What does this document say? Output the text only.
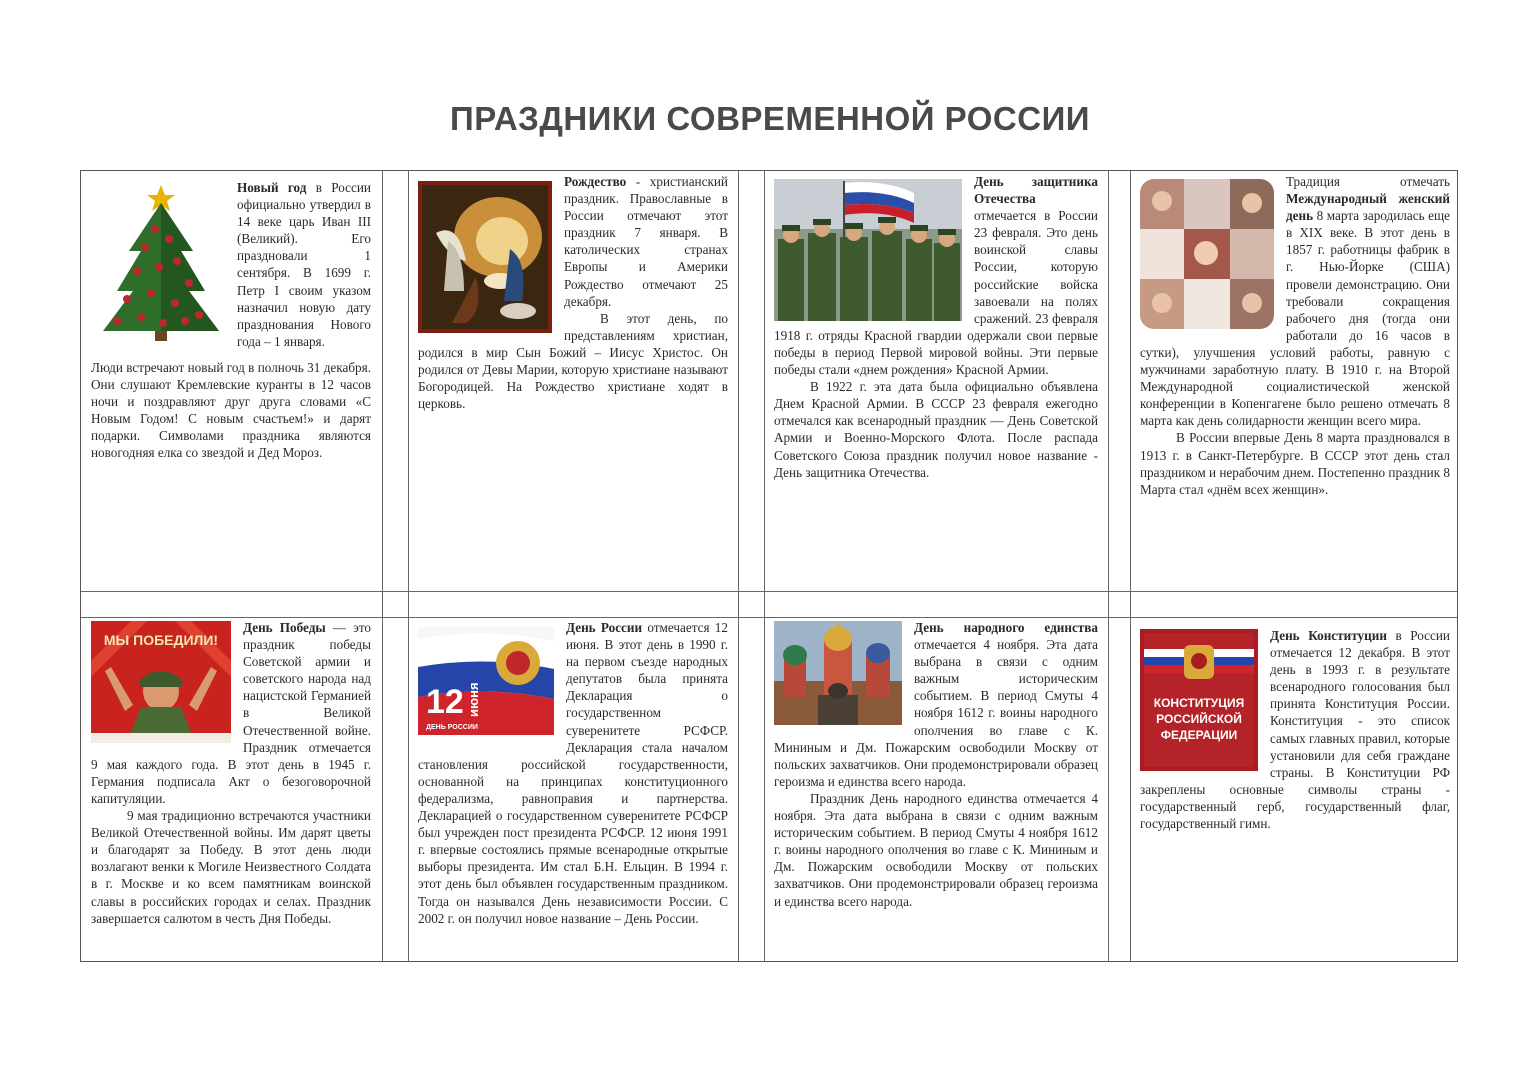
ПРАЗДНИКИ СОВРЕМЕННОЙ РОССИИ

Новый год в России официально утвердил в 14 веке царь Иван III (Великий). Его праздновали 1 сентября. В 1699 г. Петр I своим указом назначил новую дату празднования Нового года – 1 января.

Люди встречают новый год в полночь 31 декабря. Они слушают Кремлевские куранты в 12 часов ночи и поздравляют друг друга словами «С Новым Годом! С новым счастьем!» и дарят подарки. Символами праздника являются новогодняя елка со звездой и Дед Мороз.

Рождество - христианский праздник. Православные в России отмечают этот праздник 7 января. В католических странах Европы и Америки Рождество отмечают 25 декабря.

В этот день, по представлениям христиан, родился в мир Сын Божий – Иисус Христос. Он родился от Девы Марии, которую христиане называют Богородицей. На Рождество христиане ходят в церковь.

День защитника Отечества отмечается в России 23 февраля. Это день воинской славы России, которую российские войска завоевали на полях сражений. 23 февраля 1918 г. отряды Красной гвардии одержали свои первые победы в период Первой мировой войны. Эти первые победы стали «днем рождения» Красной Армии.

В 1922 г. эта дата была официально объявлена Днем Красной Армии. В СССР 23 февраля ежегодно отмечался как всенародный праздник — День Советской Армии и Военно-Морского Флота. После распада Советского Союза праздник получил новое название - День защитника Отечества.

Традиция отмечать Международный женский день 8 марта зародилась еще в XIX веке. В этот день в 1857 г. работницы фабрик в г. Нью-Йорке (США) провели демонстрацию. Они требовали сокращения рабочего дня (тогда они работали до 16 часов в сутки), улучшения условий работы, равную с мужчинами заработную плату. В 1910 г. на Второй Международной социалистической женской конференции в Копенгагене было решено отмечать 8 марта как день солидарности женщин всего мира.

В России впервые День 8 марта праздновался в 1913 г. в Санкт-Петербурге. В СССР этот день стал праздником и нерабочим днем. Постепенно праздник 8 Марта стал «днём всех женщин».

МЫ ПОБЕДИЛИ!

День Победы — это праздник победы Советской армии и советского народа над нацистской Германией в Великой Отечественной войне. Праздник отмечается 9 мая каждого года. В этот день в 1945 г. Германия подписала Акт о безоговорочной капитуляции.

9 мая традиционно встречаются участники Великой Отечественной войны. Им дарят цветы и благодарят за Победу. В этот день люди возлагают венки к Могиле Неизвестного Солдата в г. Москве и ко всем памятникам воинской славы в российских городах и селах. Праздник завершается салютом в честь Дня Победы.

12 июня
ДЕНЬ РОССИИ

День России отмечается 12 июня. В этот день в 1990 г. на первом съезде народных депутатов была принята Декларация о государственном суверенитете РСФСР. Декларация стала началом становления российской государственности, основанной на принципах конституционного федерализма, равноправия и партнерства. Декларацией о государственном суверенитете РСФСР был учрежден пост президента РСФСР. 12 июня 1991 г. впервые состоялись прямые всенародные открытые выборы президента. Им стал Б.Н. Ельцин. В 1994 г. этот день был объявлен государственным праздником. Тогда он назывался День независимости России. С 2002 г. он получил новое название – День России.

День народного единства отмечается 4 ноября. Эта дата выбрана в связи с одним важным историческим событием. В период Смуты 4 ноября 1612 г. воины народного ополчения во главе с К. Мининым и Дм. Пожарским освободили Москву от польских захватчиков. Они продемонстрировали образец героизма и единства всего народа.

Праздник День народного единства отмечается 4 ноября. Эта дата выбрана в связи с одним важным историческим событием. В период Смуты 4 ноября 1612 г. воины народного ополчения во главе с К. Мининым и Дм. Пожарским освободили Москву от польских захватчиков. Они продемонстрировали образец героизма и единства всего народа.

КОНСТИТУЦИЯ
РОССИЙСКОЙ
ФЕДЕРАЦИИ

День Конституции в России отмечается 12 декабря. В этот день в 1993 г. в результате всенародного голосования был принята Конституция России. Конституция - это список самых главных правил, которые установили для себя граждане страны. В Конституции РФ закреплены основные символы страны - государственный герб, государственный флаг, государственный гимн.
